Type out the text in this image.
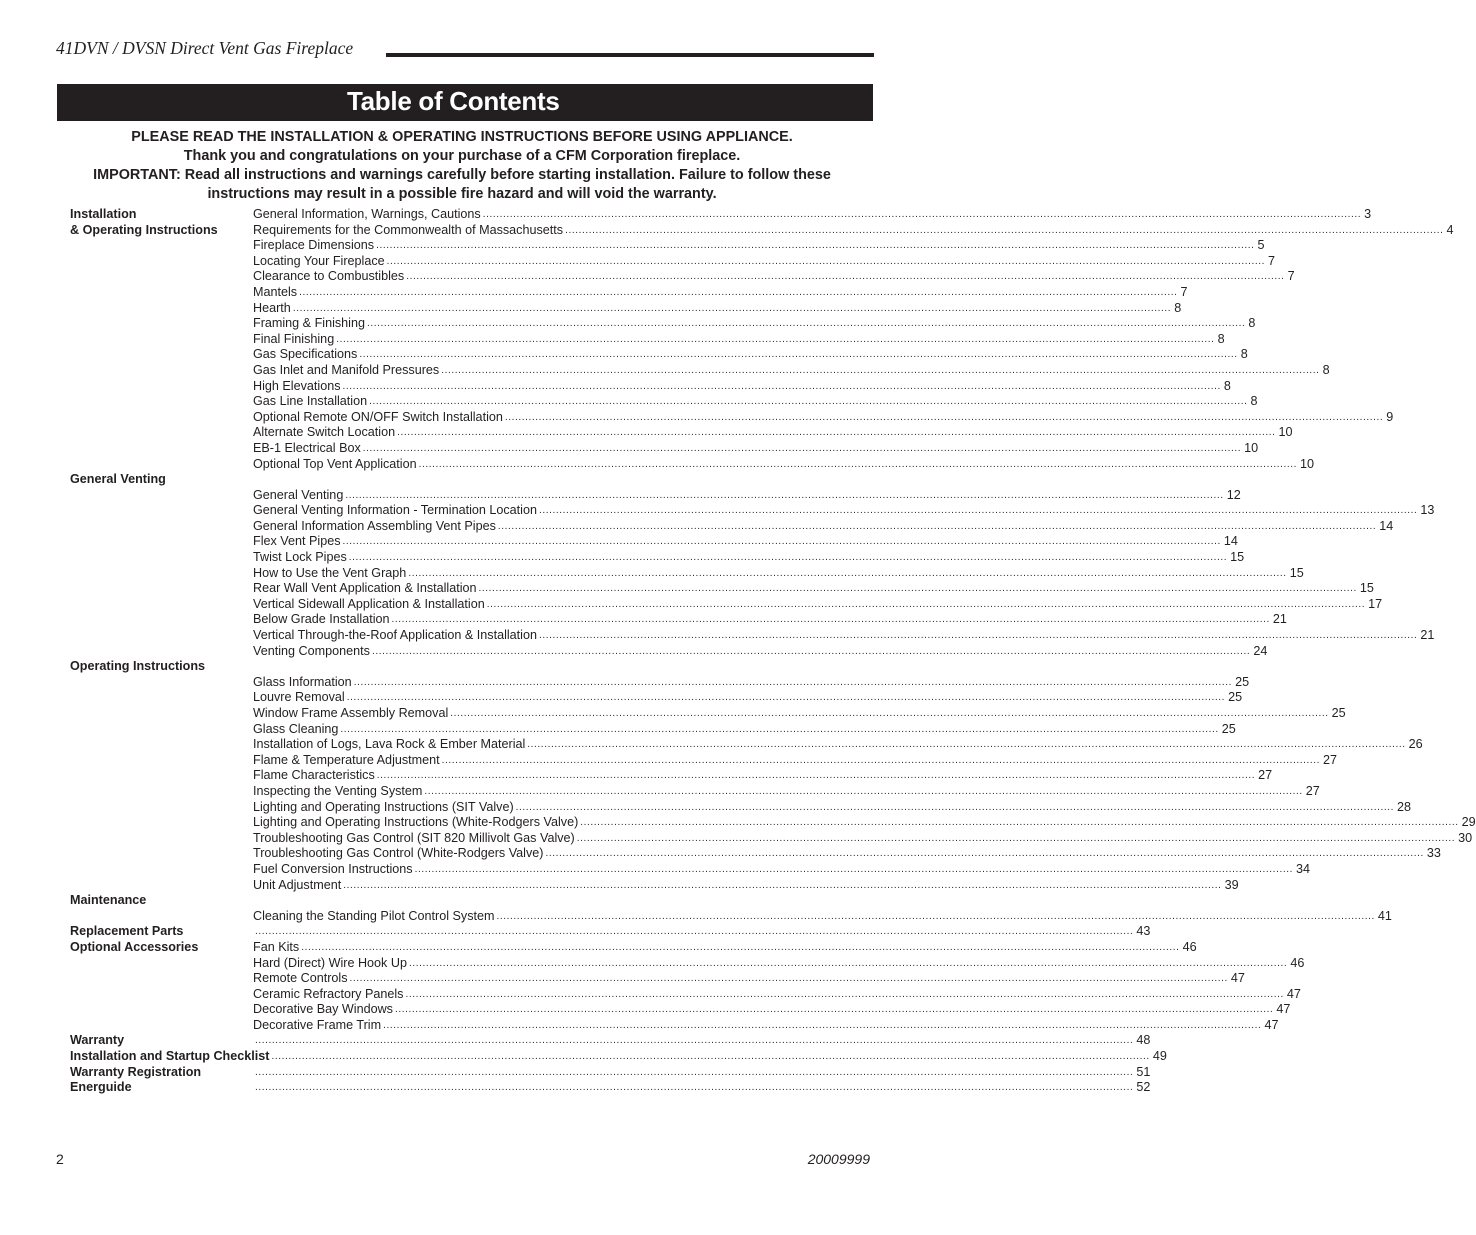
41DVN / DVSN Direct Vent Gas Fireplace
Table of Contents

PLEASE READ THE INSTALLATION & OPERATING INSTRUCTIONS BEFORE USING APPLIANCE.

Thank you and congratulations on your purchase of a CFM Corporation fireplace.

IMPORTANT: Read all instructions and warnings carefully before starting installation. Failure to follow these

instructions may result in a possible fire hazard and will void the warranty.

Installation	General Information, Warnings, Cautions .................................................................................................................................................................................................................................................................... 3
& Operating Instructions	Requirements for the Commonwealth of Massachusetts .................................................................................................................................................................................................................................................................... 4
Fireplace Dimensions .................................................................................................................................................................................................................................................................... 5
Locating Your Fireplace .................................................................................................................................................................................................................................................................... 7
Clearance to Combustibles .................................................................................................................................................................................................................................................................... 7
Mantels .................................................................................................................................................................................................................................................................... 7
Hearth .................................................................................................................................................................................................................................................................... 8
Framing & Finishing .................................................................................................................................................................................................................................................................... 8
Final Finishing .................................................................................................................................................................................................................................................................... 8
Gas Specifications .................................................................................................................................................................................................................................................................... 8
Gas Inlet and Manifold Pressures .................................................................................................................................................................................................................................................................... 8
High Elevations .................................................................................................................................................................................................................................................................... 8
Gas Line Installation .................................................................................................................................................................................................................................................................... 8
Optional Remote ON/OFF Switch Installation .................................................................................................................................................................................................................................................................... 9
Alternate Switch Location .................................................................................................................................................................................................................................................................... 10
EB-1 Electrical Box .................................................................................................................................................................................................................................................................... 10
Optional Top Vent Application .................................................................................................................................................................................................................................................................... 10
General Venting
General Venting .................................................................................................................................................................................................................................................................... 12
General Venting Information - Termination Location .................................................................................................................................................................................................................................................................... 13
General Information Assembling Vent Pipes .................................................................................................................................................................................................................................................................... 14
Flex Vent Pipes .................................................................................................................................................................................................................................................................... 14
Twist Lock Pipes .................................................................................................................................................................................................................................................................... 15
How to Use the Vent Graph .................................................................................................................................................................................................................................................................... 15
Rear Wall Vent Application & Installation .................................................................................................................................................................................................................................................................... 15
Vertical Sidewall Application & Installation .................................................................................................................................................................................................................................................................... 17
Below Grade Installation .................................................................................................................................................................................................................................................................... 21
Vertical Through-the-Roof Application & Installation .................................................................................................................................................................................................................................................................... 21
Venting Components .................................................................................................................................................................................................................................................................... 24
Operating Instructions
Glass Information .................................................................................................................................................................................................................................................................... 25
Louvre Removal .................................................................................................................................................................................................................................................................... 25
Window Frame Assembly Removal .................................................................................................................................................................................................................................................................... 25
Glass Cleaning .................................................................................................................................................................................................................................................................... 25
Installation of Logs, Lava Rock & Ember Material .................................................................................................................................................................................................................................................................... 26
Flame & Temperature Adjustment .................................................................................................................................................................................................................................................................... 27
Flame Characteristics .................................................................................................................................................................................................................................................................... 27
Inspecting the Venting System .................................................................................................................................................................................................................................................................... 27
Lighting and Operating Instructions (SIT Valve) .................................................................................................................................................................................................................................................................... 28
Lighting and Operating Instructions (White-Rodgers Valve) .................................................................................................................................................................................................................................................................... 29
Troubleshooting Gas Control (SIT 820 Millivolt Gas Valve) .................................................................................................................................................................................................................................................................... 30
Troubleshooting Gas Control (White-Rodgers Valve) .................................................................................................................................................................................................................................................................... 33
Fuel Conversion Instructions .................................................................................................................................................................................................................................................................... 34
Unit Adjustment .................................................................................................................................................................................................................................................................... 39
Maintenance
Cleaning the Standing Pilot Control System .................................................................................................................................................................................................................................................................... 41
Replacement Parts	.................................................................................................................................................................................................................................................................... 43
Optional Accessories	Fan Kits .................................................................................................................................................................................................................................................................... 46
Hard (Direct) Wire Hook Up .................................................................................................................................................................................................................................................................... 46
Remote Controls .................................................................................................................................................................................................................................................................... 47
Ceramic Refractory Panels .................................................................................................................................................................................................................................................................... 47
Decorative Bay Windows .................................................................................................................................................................................................................................................................... 47
Decorative Frame Trim .................................................................................................................................................................................................................................................................... 47
Warranty	.................................................................................................................................................................................................................................................................... 48
Installation and Startup Checklist .................................................................................................................................................................................................................................................................... 49
Warranty Registration	.................................................................................................................................................................................................................................................................... 51
Energuide	.................................................................................................................................................................................................................................................................... 52
2	20009999
